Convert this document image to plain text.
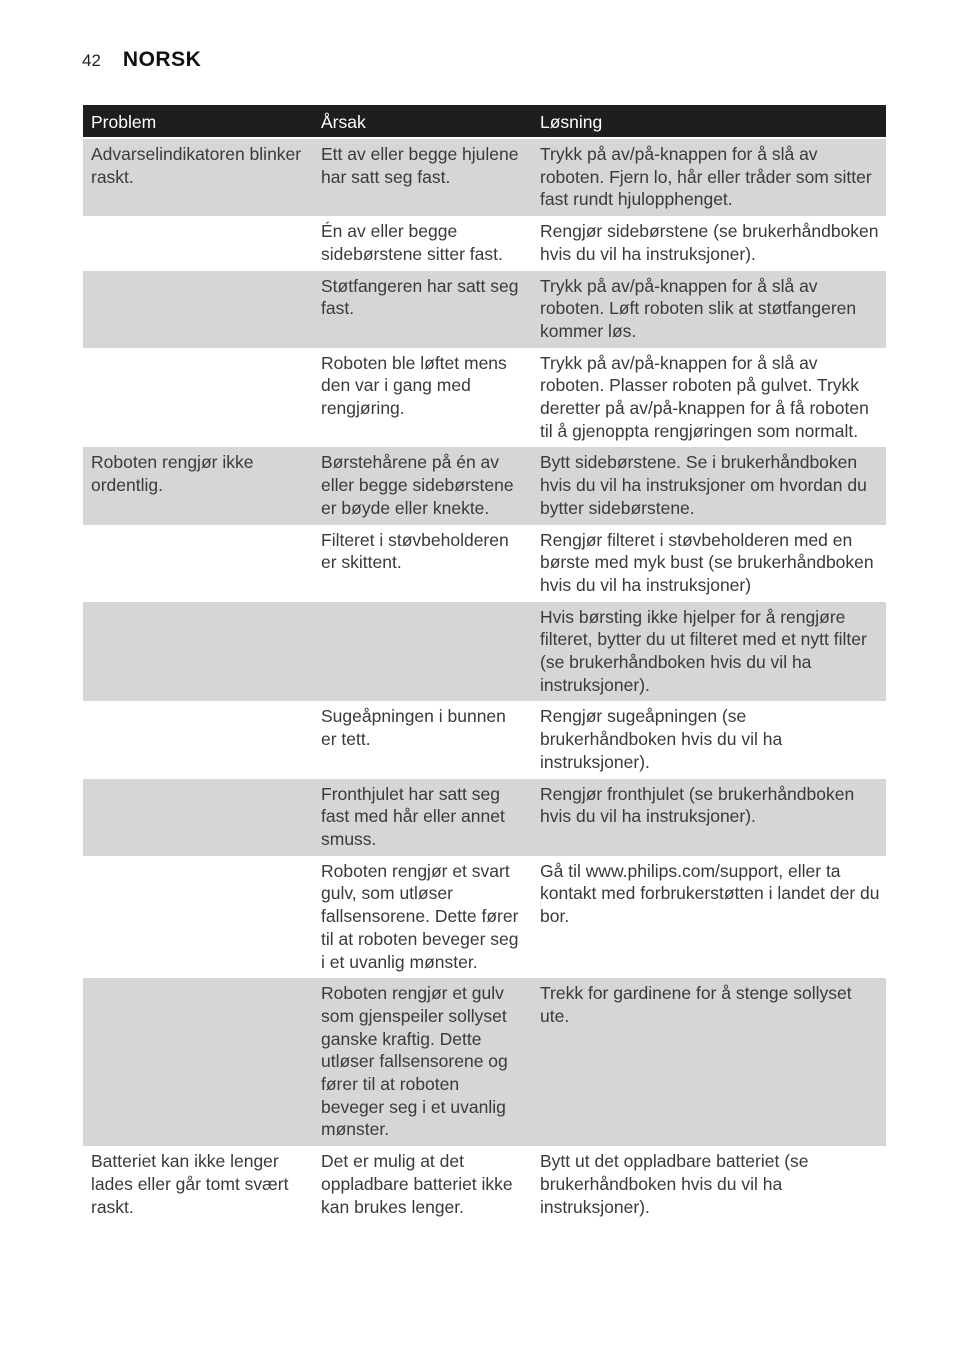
42 NORSK
Problem	Årsak	Løsning

Advarselindikatoren blinker raskt.	Ett av eller begge hjulene har satt seg fast.	Trykk på av/på-knappen for å slå av roboten. Fjern lo, hår eller tråder som sitter fast rundt hjulopphenget.
	Én av eller begge sidebørstene sitter fast.	Rengjør sidebørstene (se brukerhåndboken hvis du vil ha instruksjoner).
	Støtfangeren har satt seg fast.	Trykk på av/på-knappen for å slå av roboten. Løft roboten slik at støtfangeren kommer løs.
	Roboten ble løftet mens den var i gang med rengjøring.	Trykk på av/på-knappen for å slå av roboten. Plasser roboten på gulvet. Trykk deretter på av/på-knappen for å få roboten til å gjenoppta rengjøringen som normalt.
Roboten rengjør ikke ordentlig.	Børstehårene på én av eller begge sidebørstene er bøyde eller knekte.	Bytt sidebørstene. Se i brukerhåndboken hvis du vil ha instruksjoner om hvordan du bytter sidebørstene.
	Filteret i støvbeholderen er skittent.	Rengjør filteret i støvbeholderen med en børste med myk bust (se brukerhåndboken hvis du vil ha instruksjoner)
		Hvis børsting ikke hjelper for å rengjøre filteret, bytter du ut filteret med et nytt filter (se brukerhåndboken hvis du vil ha instruksjoner).
	Sugeåpningen i bunnen er tett.	Rengjør sugeåpningen (se brukerhåndboken hvis du vil ha instruksjoner).
	Fronthjulet har satt seg fast med hår eller annet smuss.	Rengjør fronthjulet (se brukerhåndboken hvis du vil ha instruksjoner).
	Roboten rengjør et svart gulv, som utløser fallsensorene. Dette fører til at roboten beveger seg i et uvanlig mønster.	Gå til www.philips.com/support, eller ta kontakt med forbrukerstøtten i landet der du bor.
	Roboten rengjør et gulv som gjenspeiler sollyset ganske kraftig. Dette utløser fallsensorene og fører til at roboten beveger seg i et uvanlig mønster.	Trekk for gardinene for å stenge sollyset ute.
Batteriet kan ikke lenger lades eller går tomt svært raskt.	Det er mulig at det oppladbare batteriet ikke kan brukes lenger.	Bytt ut det oppladbare batteriet (se brukerhåndboken hvis du vil ha instruksjoner).
